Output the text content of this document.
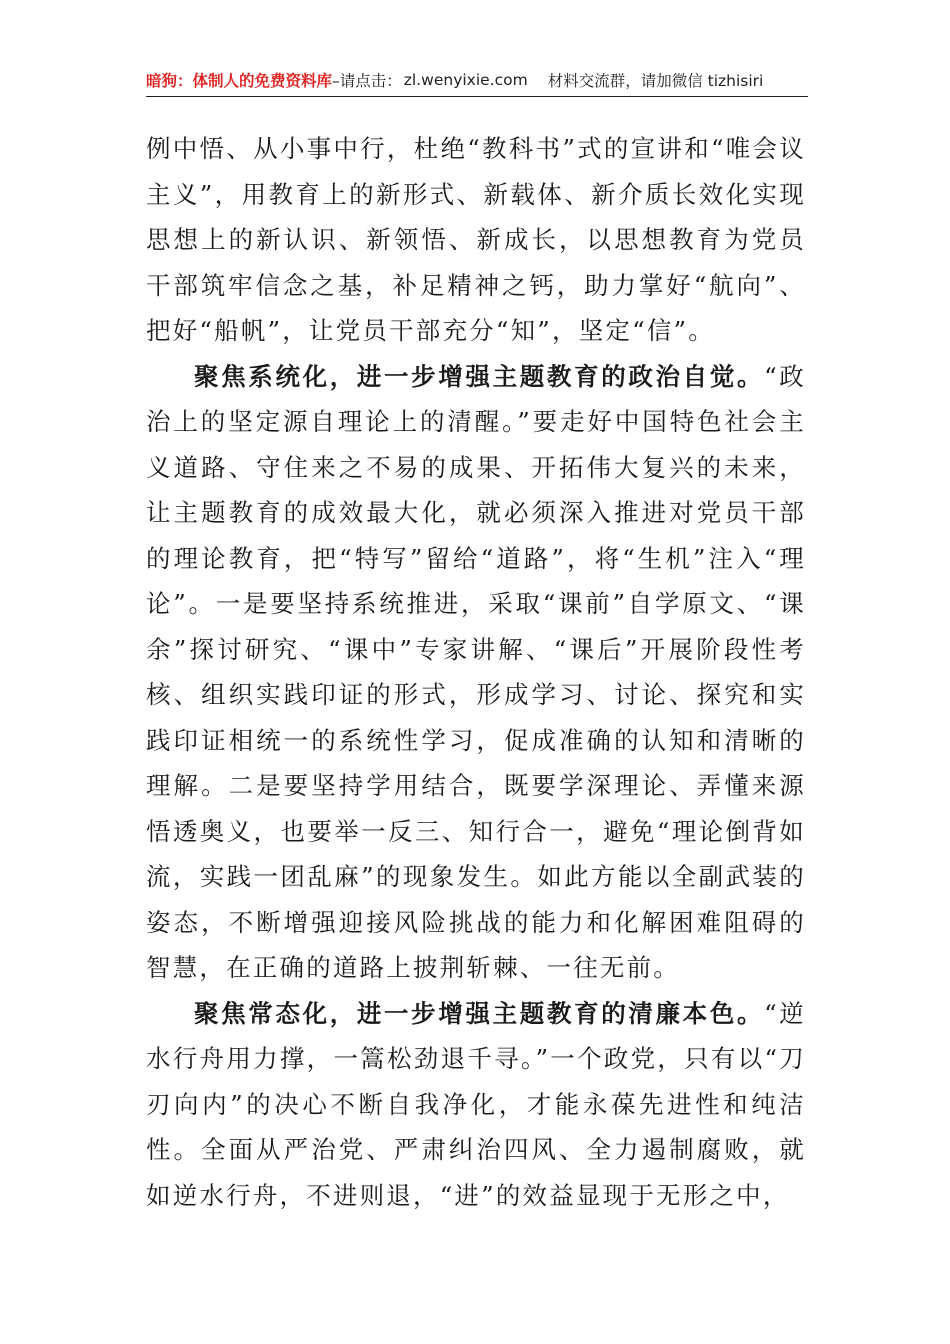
暗狗：体制人的免费资料库 –请点击： zl.wenyixie.com 材料交流群，请加微信 tizhisiri

例中悟、从小事中行，杜绝“教科书”式的宣讲和“唯会议主义”，用教育上的新形式、新载体、新介质长效化实现思想上的新认识、新领悟、新成长，以思想教育为党员干部筑牢信念之基，补足精神之钙，助力掌好“航向”、把好“船帆”，让党员干部充分“知”，坚定“信”。

聚焦系统化，进一步增强主题教育的政治自觉。“政治上的坚定源自理论上的清醒。”要走好中国特色社会主义道路、守住来之不易的成果、开拓伟大复兴的未来，让主题教育的成效最大化，就必须深入推进对党员干部的理论教育，把“特写”留给“道路”，将“生机”注入“理论”。一是要坚持系统推进，采取“课前”自学原文、“课余”探讨研究、“课中”专家讲解、“课后”开展阶段性考核、组织实践印证的形式，形成学习、讨论、探究和实践印证相统一的系统性学习，促成准确的认知和清晰的理解。二是要坚持学用结合，既要学深理论、弄懂来源悟透奥义，也要举一反三、知行合一，避免“理论倒背如流，实践一团乱麻”的现象发生。如此方能以全副武装的姿态，不断增强迎接风险挑战的能力和化解困难阻碍的智慧，在正确的道路上披荆斩棘、一往无前。

聚焦常态化，进一步增强主题教育的清廉本色。“逆水行舟用力撑，一篙松劲退千寻。”一个政党，只有以“刀刃向内”的决心不断自我净化，才能永葆先进性和纯洁性。全面从严治党、严肃纠治四风、全力遏制腐败，就如逆水行舟，不进则退，“进”的效益显现于无形之中，
